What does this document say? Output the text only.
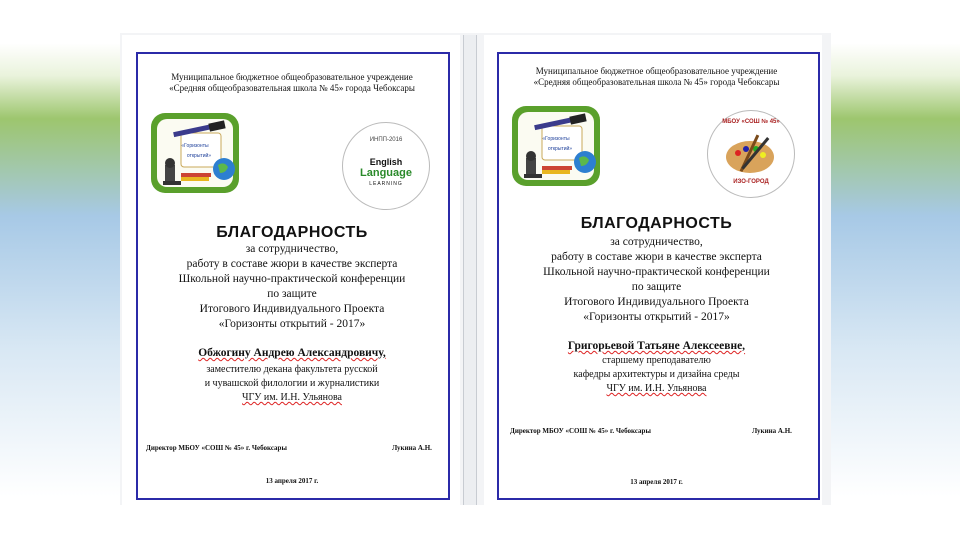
Муниципальное бюджетное общеобразовательное учреждение
«Средняя общеобразовательная школа № 45» города Чебоксары
«Горизонты
открытий»
ИНПП-2016
English
Language
LEARNING
БЛАГОДАРНОСТЬ
за сотрудничество,
работу в составе жюри в качестве эксперта
Школьной научно-практической конференции
по защите
Итогового Индивидуального Проекта
«Горизонты открытий - 2017»
Обжогину Андрею Александровичу,
заместителю декана факультета русской
и чувашской филологии и журналистики
ЧГУ им. И.Н. Ульянова
Директор МБОУ «СОШ № 45» г. Чебоксары	Лукина А.Н.
13 апреля 2017 г.
Муниципальное бюджетное общеобразовательное учреждение
«Средняя общеобразовательная школа № 45» города Чебоксары
«Горизонты
открытий»
МБОУ «СОШ № 45»
ИЗО-ГОРОД
БЛАГОДАРНОСТЬ
за сотрудничество,
работу в составе жюри в качестве эксперта
Школьной научно-практической конференции
по защите
Итогового Индивидуального Проекта
«Горизонты открытий - 2017»
Григорьевой Татьяне Алексеевне,
старшему преподавателю
кафедры архитектуры и дизайна среды
ЧГУ им. И.Н. Ульянова
Директор МБОУ «СОШ № 45» г. Чебоксары	Лукина А.Н.
13 апреля 2017 г.
